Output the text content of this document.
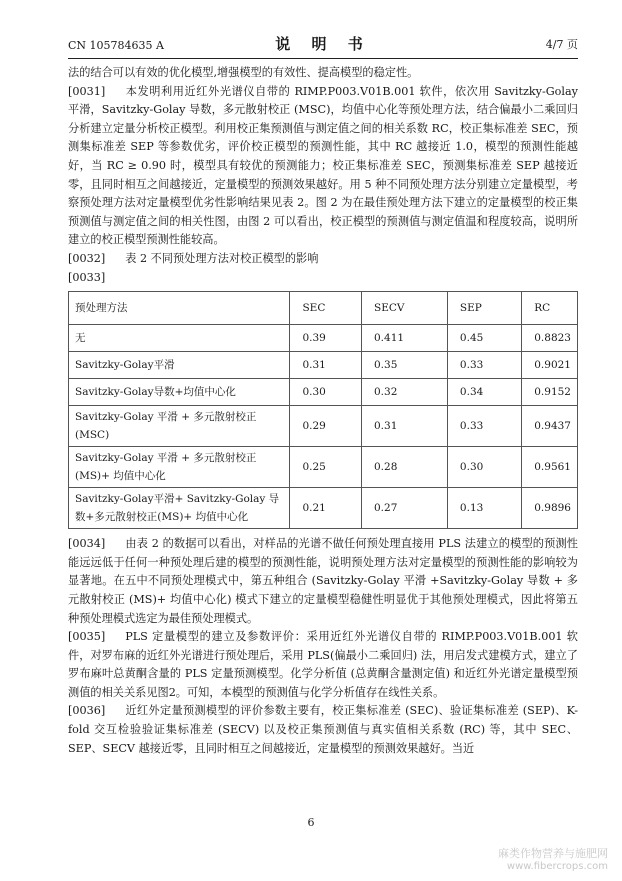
CN 105784635 A	说 明 书	4/7 页

法的结合可以有效的优化模型,增强模型的有效性、提高模型的稳定性。

[0031] 本发明利用近红外光谱仪自带的 RIMP.P003.V01B.001 软件，依次用 Savitzky-Golay 平滑，Savitzky-Golay 导数，多元散射校正 (MSC)，均值中心化等预处理方法，结合偏最小二乘回归分析建立定量分析校正模型。利用校正集预测值与测定值之间的相关系数 RC，校正集标准差 SEC，预测集标准差 SEP 等参数优劣，评价校正模型的预测性能，其中 RC 越接近 1.0，模型的预测性能越好，当 RC ≥ 0.90 时，模型具有较优的预测能力；校正集标准差 SEC，预测集标准差 SEP 越接近零，且同时相互之间越接近，定量模型的预测效果越好。用 5 种不同预处理方法分别建立定量模型，考察预处理方法对定量模型优劣性影响结果见表 2。图 2 为在最佳预处理方法下建立的定量模型的校正集预测值与测定值之间的相关性图，由图 2 可以看出，校正模型的预测值与测定值温和程度较高，说明所建立的校正模型预测性能较高。

[0032] 表 2 不同预处理方法对校正模型的影响

[0033]

预处理方法	SEC	SECV	SEP	RC
无	0.39	0.411	0.45	0.8823
Savitzky-Golay平滑	0.31	0.35	0.33	0.9021
Savitzky-Golay导数+均值中心化	0.30	0.32	0.34	0.9152
Savitzky-Golay 平滑 + 多元散射校正 (MSC)	0.29	0.31	0.33	0.9437
Savitzky-Golay 平滑 + 多元散射校正 (MS)+ 均值中心化	0.25	0.28	0.30	0.9561
Savitzky-Golay平滑+ Savitzky-Golay 导数+多元散射校正(MS)+ 均值中心化	0.21	0.27	0.13	0.9896

[0034] 由表 2 的数据可以看出，对样品的光谱不做任何预处理直接用 PLS 法建立的模型的预测性能远远低于任何一种预处理后建的模型的预测性能，说明预处理方法对定量模型的预测性能的影响较为显著地。在五中不同预处理模式中，第五种组合 (Savitzky-Golay 平滑 +Savitzky-Golay 导数 + 多元散射校正 (MS)+ 均值中心化) 模式下建立的定量模型稳健性明显优于其他预处理模式，因此将第五种预处理模式选定为最佳预处理模式。

[0035] PLS 定量模型的建立及参数评价：采用近红外光谱仪自带的 RIMP.P003.V01B.001 软件，对罗布麻的近红外光谱进行预处理后，采用 PLS(偏最小二乘回归) 法，用启发式建模方式，建立了罗布麻叶总黄酮含量的 PLS 定量预测模型。化学分析值 (总黄酮含量测定值) 和近红外光谱定量模型预测值的相关关系见图2。可知，本模型的预测值与化学分析值存在线性关系。

[0036] 近红外定量预测模型的评价参数主要有，校正集标准差 (SEC)、验证集标准差 (SEP)、K-fold 交互检验验证集标准差 (SECV) 以及校正集预测值与真实值相关系数 (RC) 等，其中 SEC、SEP、SECV 越接近零，且同时相互之间越接近，定量模型的预测效果越好。当近

6
麻类作物营养与施肥网
www.fibercrops.com
